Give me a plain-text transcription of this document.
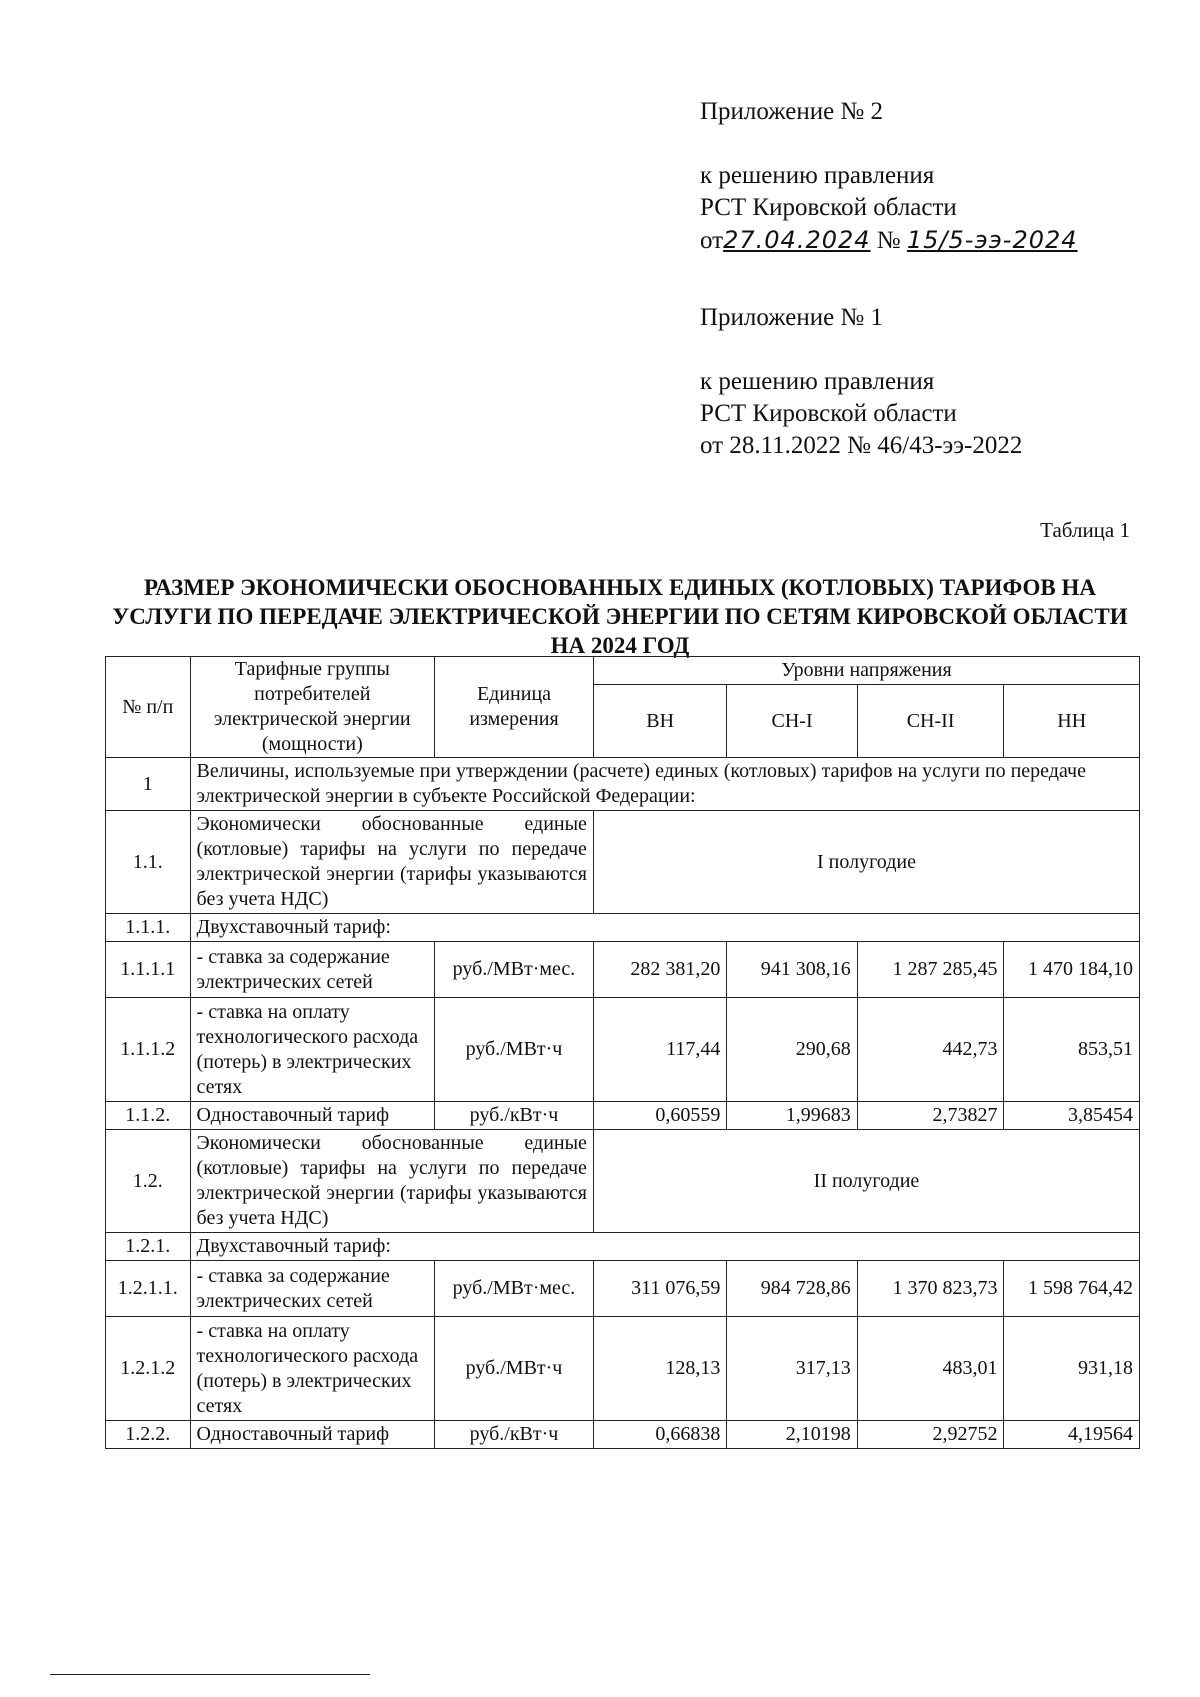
Приложение № 2
к решению правления
РСТ Кировской области
от27.04.2024 № 15/5-ээ-2024
Приложение № 1
к решению правления
РСТ Кировской области
от 28.11.2022 № 46/43-ээ-2022
Таблица 1
РАЗМЕР ЭКОНОМИЧЕСКИ ОБОСНОВАННЫХ ЕДИНЫХ (КОТЛОВЫХ) ТАРИФОВ НА УСЛУГИ ПО ПЕРЕДАЧЕ ЭЛЕКТРИЧЕСКОЙ ЭНЕРГИИ ПО СЕТЯМ КИРОВСКОЙ ОБЛАСТИ НА 2024 ГОД
№ п/п	Тарифные группы потребителей электрической энергии (мощности)	Единица измерения	Уровни напряжения			
			ВН	СН-I	СН-II	НН
1	Величины, используемые при утверждении (расчете) единых (котловых) тарифов на услуги по передаче электрической энергии в субъекте Российской Федерации:					
1.1.	Экономически обоснованные единые (котловые) тарифы на услуги по передаче электрической энергии (тарифы указываются без учета НДС)		I полугодие			
1.1.1.	Двухставочный тариф:					
1.1.1.1	- ставка за содержание электрических сетей	руб./МВт·мес.	282 381,20	941 308,16	1 287 285,45	1 470 184,10
1.1.1.2	- ставка на оплату технологического расхода (потерь) в электрических сетях	руб./МВт·ч	117,44	290,68	442,73	853,51
1.1.2.	Одноставочный тариф	руб./кВт·ч	0,60559	1,99683	2,73827	3,85454
1.2.	Экономически обоснованные единые (котловые) тарифы на услуги по передаче электрической энергии (тарифы указываются без учета НДС)		II полугодие			
1.2.1.	Двухставочный тариф:					
1.2.1.1.	- ставка за содержание электрических сетей	руб./МВт·мес.	311 076,59	984 728,86	1 370 823,73	1 598 764,42
1.2.1.2	- ставка на оплату технологического расхода (потерь) в электрических сетях	руб./МВт·ч	128,13	317,13	483,01	931,18
1.2.2.	Одноставочный тариф	руб./кВт·ч	0,66838	2,10198	2,92752	4,19564
